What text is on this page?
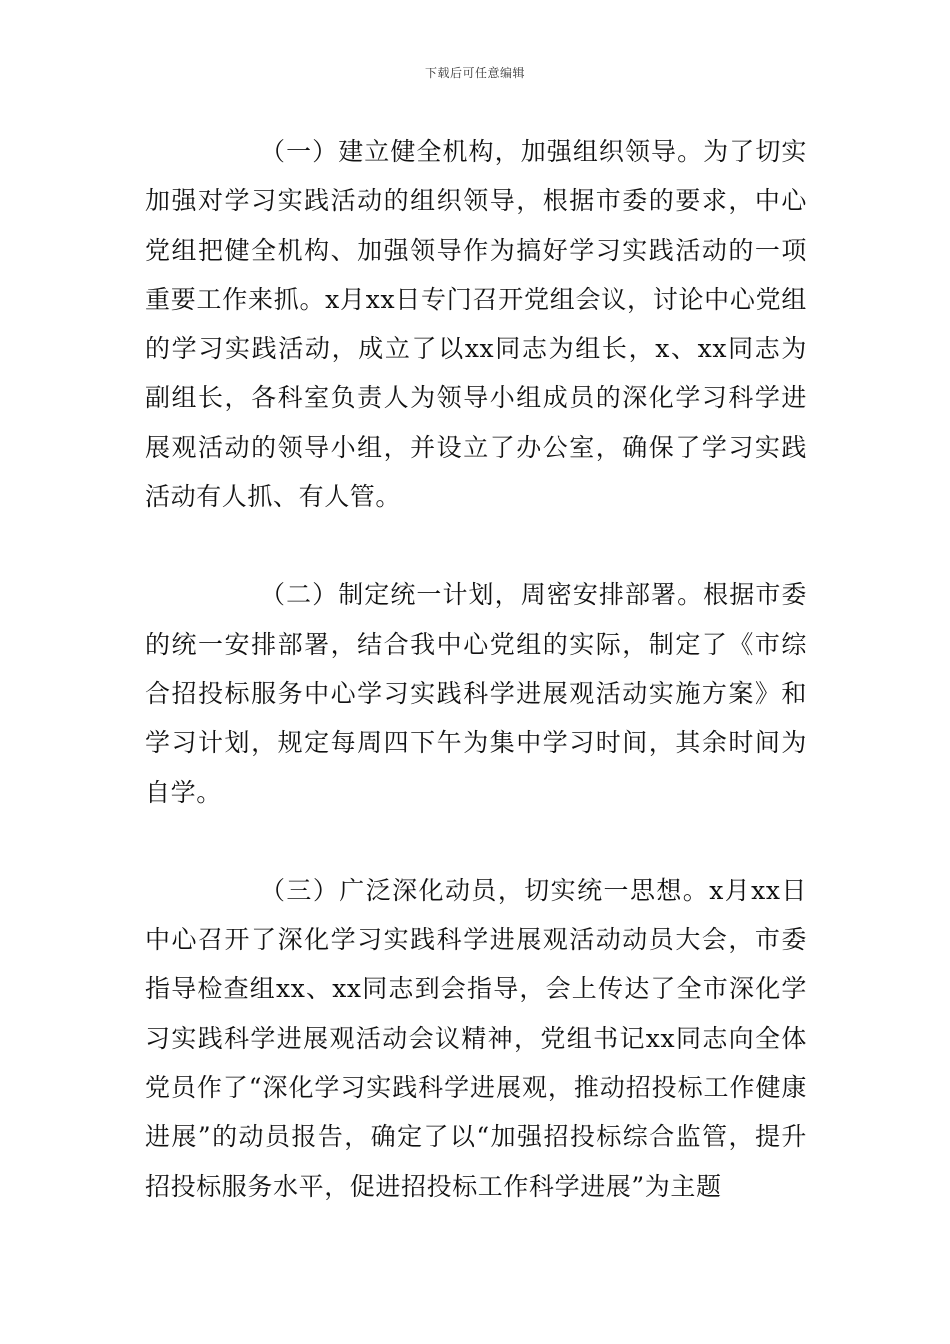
下载后可任意编辑

（一）建立健全机构，加强组织领导。为了切实加强对学习实践活动的组织领导，根据市委的要求，中心党组把健全机构、加强领导作为搞好学习实践活动的一项重要工作来抓。x月xx日专门召开党组会议，讨论中心党组的学习实践活动，成立了以xx同志为组长，x、xx同志为副组长，各科室负责人为领导小组成员的深化学习科学进展观活动的领导小组，并设立了办公室，确保了学习实践活动有人抓、有人管。

（二）制定统一计划，周密安排部署。根据市委的统一安排部署，结合我中心党组的实际，制定了《市综合招投标服务中心学习实践科学进展观活动实施方案》和学习计划，规定每周四下午为集中学习时间，其余时间为自学。

（三）广泛深化动员，切实统一思想。x月xx日中心召开了深化学习实践科学进展观活动动员大会，市委指导检查组xx、xx同志到会指导，会上传达了全市深化学习实践科学进展观活动会议精神，党组书记xx同志向全体党员作了“深化学习实践科学进展观，推动招投标工作健康进展”的动员报告，确定了以“加强招投标综合监管，提升招投标服务水平，促进招投标工作科学进展”为主题
